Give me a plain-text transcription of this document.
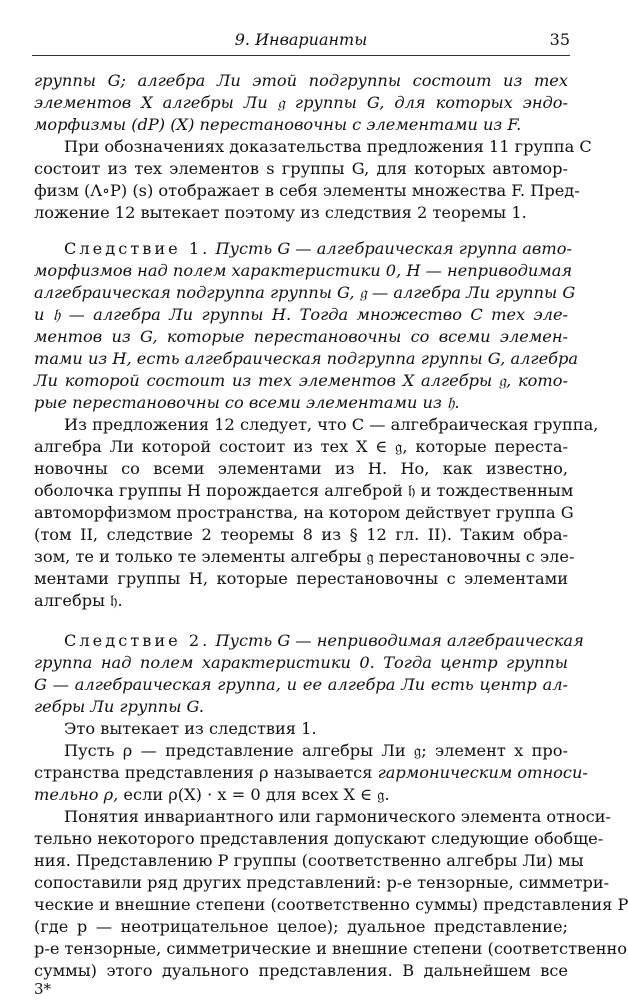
9. Инварианты	35
группы G; алгебра Ли этой подгруппы состоит из тех
элементов X алгебры Ли 𝔤 группы G, для которых эндо-
морфизмы (dP) (X) перестановочны с элементами из F.
При обозначениях доказательства предложения 11 группа C
состоит из тех элементов s группы G, для которых автомор-
физм (Λ∘P) (s) отображает в себя элементы множества F. Пред-
ложение 12 вытекает поэтому из следствия 2 теоремы 1.
Следствие 1. Пусть G — алгебраическая группа авто-
морфизмов над полем характеристики 0, H — неприводимая
алгебраическая подгруппа группы G, 𝔤 — алгебра Ли группы G
и 𝔥 — алгебра Ли группы H. Тогда множество C тех эле-
ментов из G, которые перестановочны со всеми элемен-
тами из H, есть алгебраическая подгруппа группы G, алгебра
Ли которой состоит из тех элементов X алгебры 𝔤, кото-
рые перестановочны со всеми элементами из 𝔥.
Из предложения 12 следует, что C — алгебраическая группа,
алгебра Ли которой состоит из тех X ∈ 𝔤, которые переста-
новочны со всеми элементами из H. Но, как известно,
оболочка группы H порождается алгеброй 𝔥 и тождественным
автоморфизмом пространства, на котором действует группа G
(том II, следствие 2 теоремы 8 из § 12 гл. II). Таким обра-
зом, те и только те элементы алгебры 𝔤 перестановочны с эле-
ментами группы H, которые перестановочны с элементами
алгебры 𝔥.
Следствие 2. Пусть G — неприводимая алгебраическая
группа над полем характеристики 0. Тогда центр группы
G — алгебраическая группа, и ее алгебра Ли есть центр ал-
гебры Ли группы G.
Это вытекает из следствия 1.
Пусть ρ — представление алгебры Ли 𝔤; элемент x про-
странства представления ρ называется гармоническим относи-
тельно ρ, если ρ(X) · x = 0 для всех X ∈ 𝔤.
Понятия инвариантного или гармонического элемента относи-
тельно некоторого представления допускают следующие обобще-
ния. Представлению P группы (соответственно алгебры Ли) мы
сопоставили ряд других представлений: p-е тензорные, симметри-
ческие и внешние степени (соответственно суммы) представления P
(где p — неотрицательное целое); дуальное представление;
p-е тензорные, симметрические и внешние степени (соответственно
суммы) этого дуального представления. В дальнейшем все
3*
